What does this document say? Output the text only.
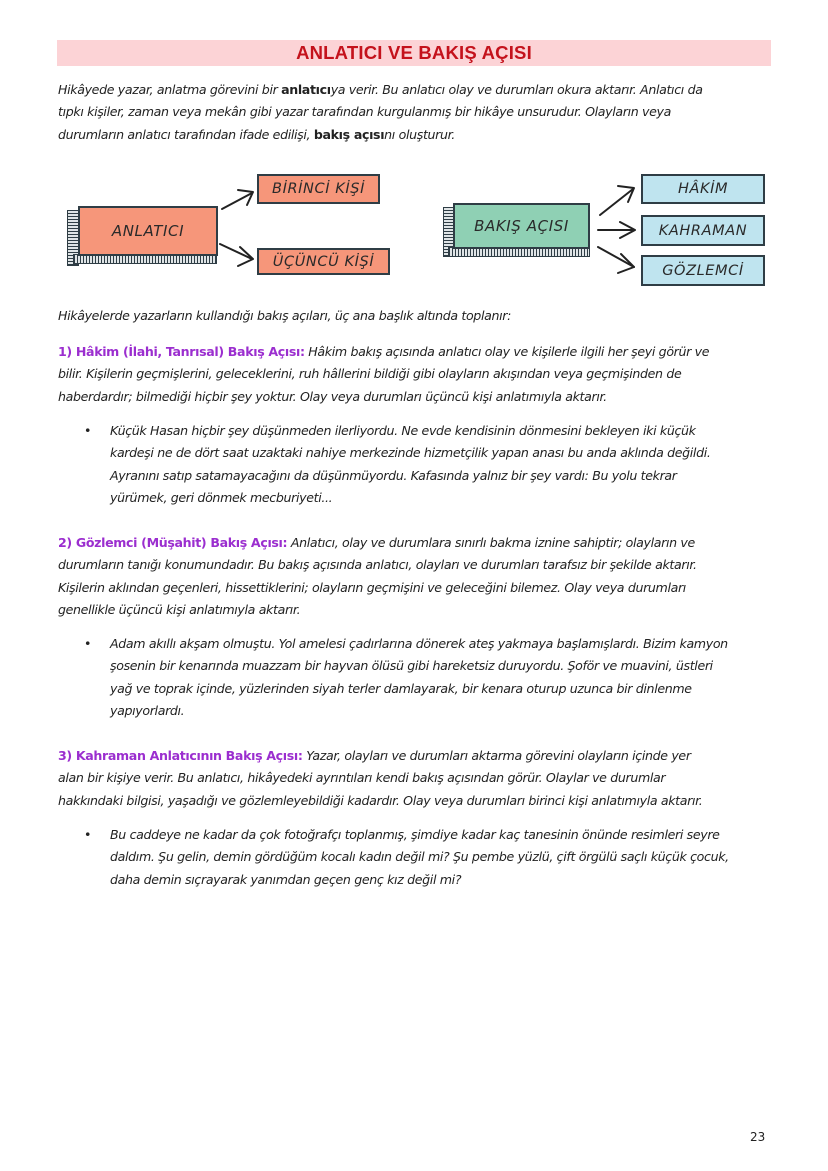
ANLATICI VE BAKIŞ AÇISI
Hikâyede yazar, anlatma görevini bir anlatıcıya verir. Bu anlatıcı olay ve durumları okura aktarır. Anlatıcı da
tıpkı kişiler, zaman veya mekân gibi yazar tarafından kurgulanmış bir hikâye unsurudur. Olayların veya
durumların anlatıcı tarafından ifade edilişi, bakış açısını oluşturur.
ANLATICI
BİRİNCİ KİŞİ
ÜÇÜNCÜ KİŞİ
BAKIŞ AÇISI
HÂKİM
KAHRAMAN
GÖZLEMCİ
Hikâyelerde yazarların kullandığı bakış açıları, üç ana başlık altında toplanır:
1) Hâkim (İlahi, Tanrısal) Bakış Açısı: Hâkim bakış açısında anlatıcı olay ve kişilerle ilgili her şeyi görür ve
bilir. Kişilerin geçmişlerini, geleceklerini, ruh hâllerini bildiği gibi olayların akışından veya geçmişinden de
haberdardır; bilmediği hiçbir şey yoktur. Olay veya durumları üçüncü kişi anlatımıyla aktarır.
• Küçük Hasan hiçbir şey düşünmeden ilerliyordu. Ne evde kendisinin dönmesini bekleyen iki küçük
kardeşi ne de dört saat uzaktaki nahiye merkezinde hizmetçilik yapan anası bu anda aklında değildi.
Ayranını satıp satamayacağını da düşünmüyordu. Kafasında yalnız bir şey vardı: Bu yolu tekrar
yürümek, geri dönmek mecburiyeti...
2) Gözlemci (Müşahit) Bakış Açısı: Anlatıcı, olay ve durumlara sınırlı bakma iznine sahiptir; olayların ve
durumların tanığı konumundadır. Bu bakış açısında anlatıcı, olayları ve durumları tarafsız bir şekilde aktarır.
Kişilerin aklından geçenleri, hissettiklerini; olayların geçmişini ve geleceğini bilemez. Olay veya durumları
genellikle üçüncü kişi anlatımıyla aktarır.
• Adam akıllı akşam olmuştu. Yol amelesi çadırlarına dönerek ateş yakmaya başlamışlardı. Bizim kamyon
şosenin bir kenarında muazzam bir hayvan ölüsü gibi hareketsiz duruyordu. Şoför ve muavini, üstleri
yağ ve toprak içinde, yüzlerinden siyah terler damlayarak, bir kenara oturup uzunca bir dinlenme
yapıyorlardı.
3) Kahraman Anlatıcının Bakış Açısı: Yazar, olayları ve durumları aktarma görevini olayların içinde yer
alan bir kişiye verir. Bu anlatıcı, hikâyedeki ayrıntıları kendi bakış açısından görür. Olaylar ve durumlar
hakkındaki bilgisi, yaşadığı ve gözlemleyebildiği kadardır. Olay veya durumları birinci kişi anlatımıyla aktarır.
• Bu caddeye ne kadar da çok fotoğrafçı toplanmış, şimdiye kadar kaç tanesinin önünde resimleri seyre
daldım. Şu gelin, demin gördüğüm kocalı kadın değil mi? Şu pembe yüzlü, çift örgülü saçlı küçük çocuk,
daha demin sıçrayarak yanımdan geçen genç kız değil mi?
23
